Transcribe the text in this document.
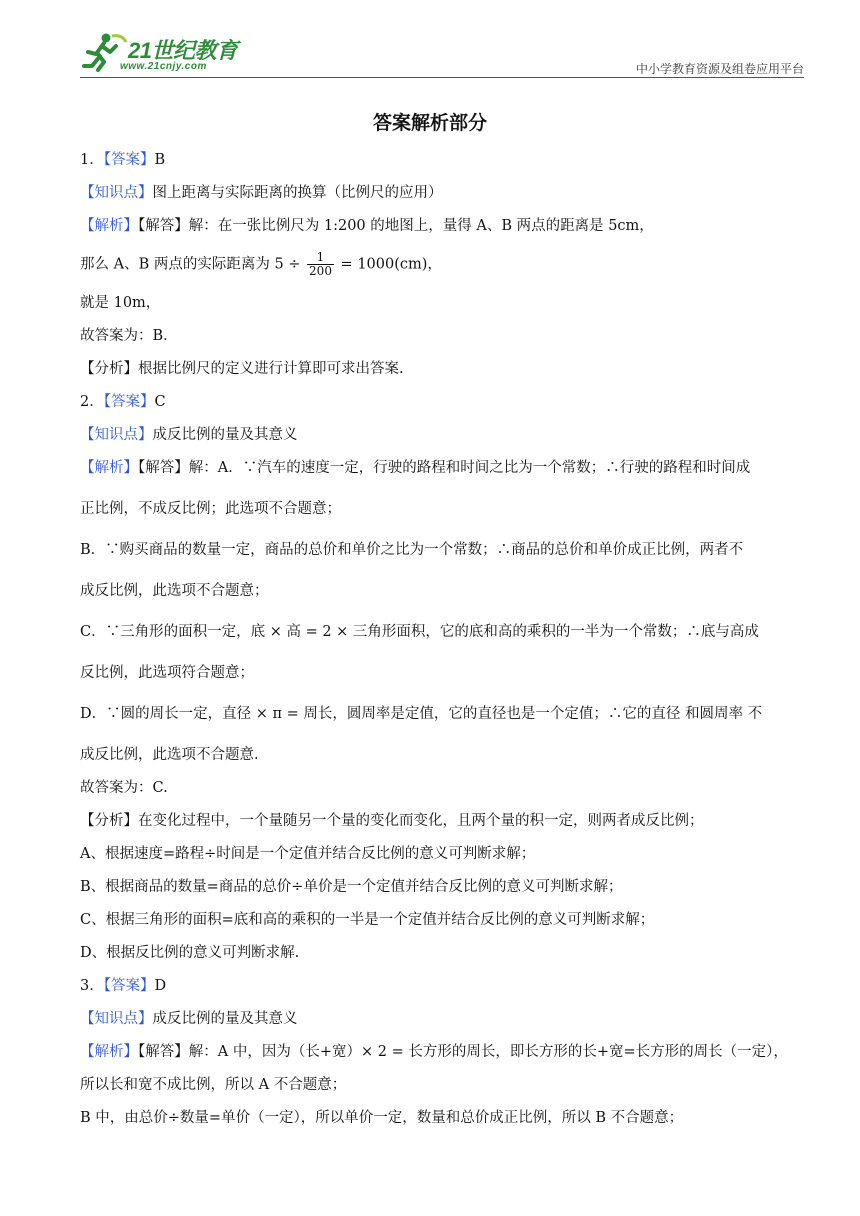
21世纪教育
www.21cnjy.com	中小学教育资源及组卷应用平台
答案解析部分

1．【答案】B

【知识点】图上距离与实际距离的换算（比例尺的应用）

【解析】【解答】解：在一张比例尺为 1:200 的地图上，量得 A、B 两点的距离是 5cm，

那么 A、B 两点的实际距离为 $5 \div \frac{1}{200} = 1000(cm)$，

就是 10m，

故答案为：B．

【分析】根据比例尺的定义进行计算即可求出答案.

2．【答案】C

【知识点】成反比例的量及其意义

【解析】【解答】解：A．∵汽车的速度一定，行驶的路程和时间之比为一个常数；∴行驶的路程和时间成

正比例，不成反比例；此选项不合题意；

B．∵购买商品的数量一定，商品的总价和单价之比为一个常数；∴商品的总价和单价成正比例，两者不

成反比例，此选项不合题意；

C．∵三角形的面积一定，底 × 高 = 2 × 三角形面积，它的底和高的乘积的一半为一个常数；∴底与高成

反比例，此选项符合题意；

D．∵圆的周长一定，直径 × π = 周长，圆周率是定值，它的直径也是一个定值；∴它的直径 和圆周率 不

成反比例，此选项不合题意.

故答案为：C.

【分析】在变化过程中，一个量随另一个量的变化而变化，且两个量的积一定，则两者成反比例；

A、根据速度=路程÷时间是一个定值并结合反比例的意义可判断求解；

B、根据商品的数量=商品的总价÷单价是一个定值并结合反比例的意义可判断求解；

C、根据三角形的面积=底和高的乘积的一半是一个定值并结合反比例的意义可判断求解；

D、根据反比例的意义可判断求解.

3．【答案】D

【知识点】成反比例的量及其意义

【解析】【解答】解：A 中，因为（长+宽）× 2 = 长方形的周长，即长方形的长+宽=长方形的周长（一定），

所以长和宽不成比例，所以 A 不合题意；

B 中，由总价÷数量=单价（一定），所以单价一定，数量和总价成正比例，所以 B 不合题意；
